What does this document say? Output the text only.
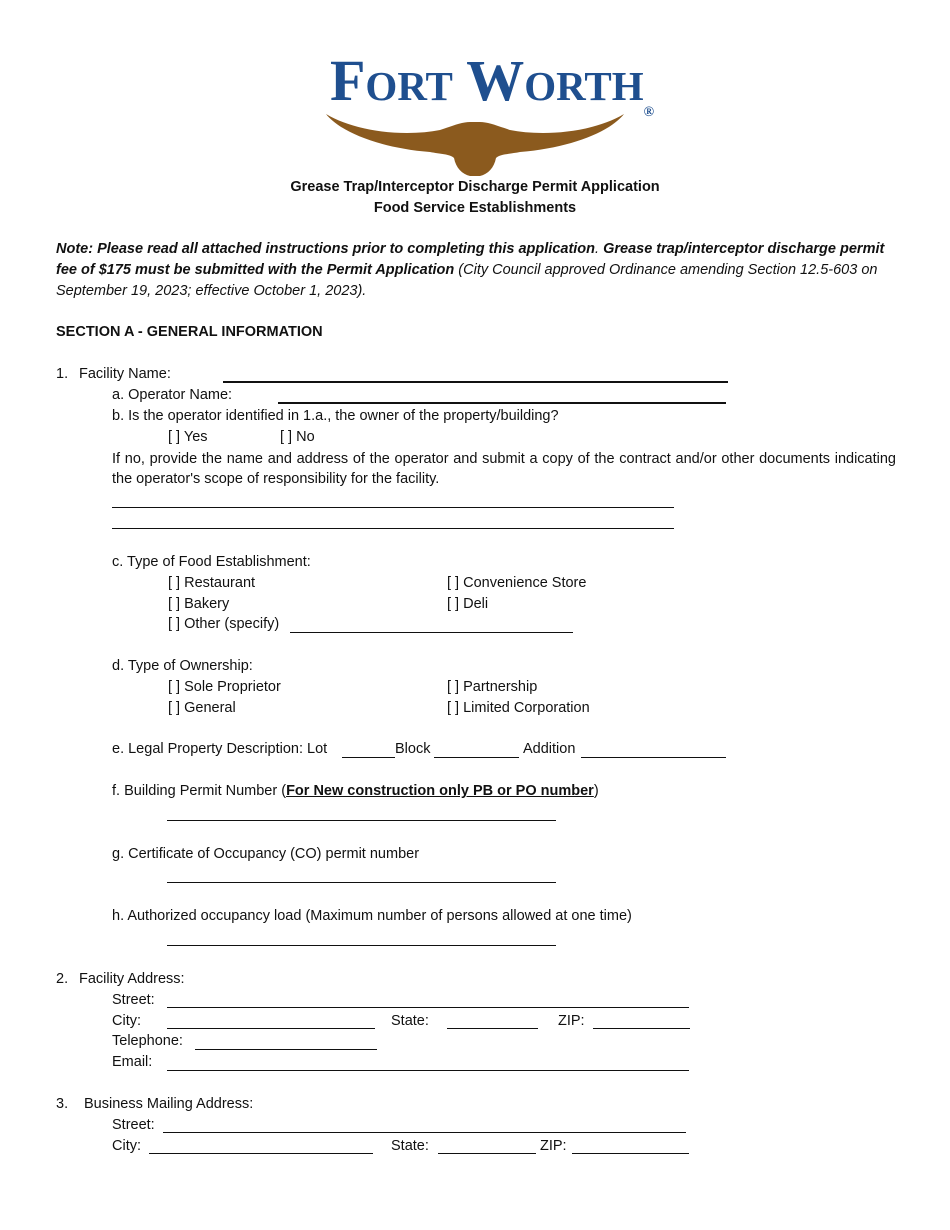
Fort Worth®
Grease Trap/Interceptor Discharge Permit Application
Food Service Establishments
Note: Please read all attached instructions prior to completing this application. Grease trap/interceptor discharge permit fee of $175 must be submitted with the Permit Application (City Council approved Ordinance amending Section 12.5-603 on September 19, 2023; effective October 1, 2023).
SECTION A - GENERAL INFORMATION
1. Facility Name:
a. Operator Name:
b. Is the operator identified in 1.a., the owner of the property/building?
[ ] Yes	[ ] No
If no, provide the name and address of the operator and submit a copy of the contract and/or other documents indicating the operator's scope of responsibility for the facility.
c. Type of Food Establishment:
[ ] Restaurant	[ ] Convenience Store
[ ] Bakery	[ ] Deli
[ ] Other (specify)
d. Type of Ownership:
[ ] Sole Proprietor	[ ] Partnership
[ ] General	[ ] Limited Corporation
e. Legal Property Description: Lot	Block	Addition
f. Building Permit Number (For New construction only PB or PO number)
g. Certificate of Occupancy (CO) permit number
h. Authorized occupancy load (Maximum number of persons allowed at one time)
2. Facility Address:
Street:
City:	State:	ZIP:
Telephone:
Email:
3. Business Mailing Address:
Street:
City:	State:	ZIP:
